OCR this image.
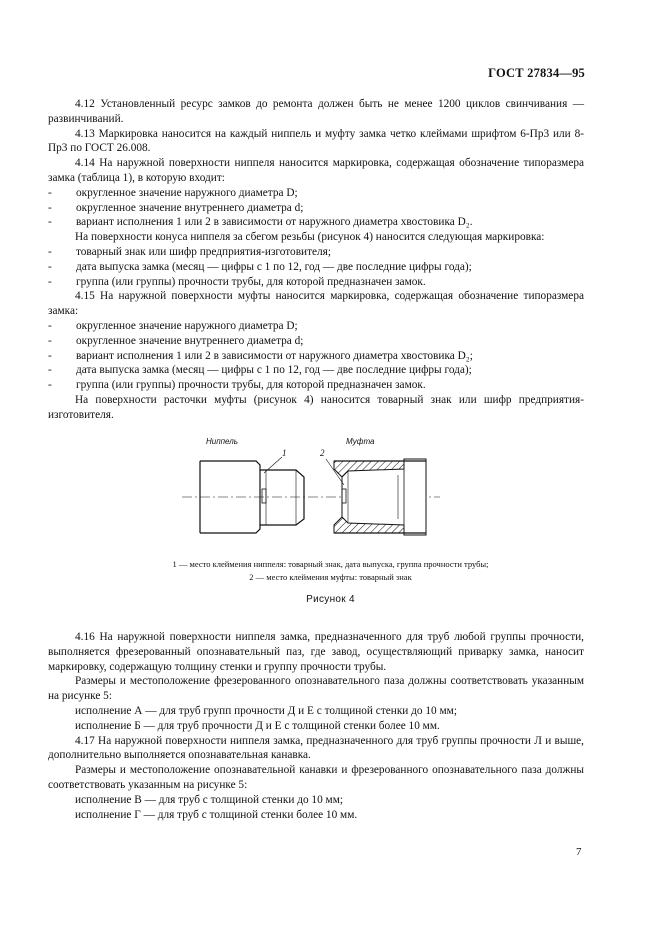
ГОСТ 27834—95

4.12 Установленный ресурс замков до ремонта должен быть не менее 1200 циклов свинчивания — развинчиваний.

4.13 Маркировка наносится на каждый ниппель и муфту замка четко клеймами шрифтом 6-Пр3 или 8-Пр3 по ГОСТ 26.008.

4.14 На наружной поверхности ниппеля наносится маркировка, содержащая обозначение типоразмера замка (таблица 1), в которую входит:

- округленное значение наружного диаметра D;

- округленное значение внутреннего диаметра d;

- вариант исполнения 1 или 2 в зависимости от наружного диаметра хвостовика D₂.

На поверхности конуса ниппеля за сбегом резьбы (рисунок 4) наносится следующая маркировка:

- товарный знак или шифр предприятия-изготовителя;

- дата выпуска замка (месяц — цифры с 1 по 12, год — две последние цифры года);

- группа (или группы) прочности трубы, для которой предназначен замок.

4.15 На наружной поверхности муфты наносится маркировка, содержащая обозначение типоразмера замка:

- округленное значение наружного диаметра D;

- округленное значение внутреннего диаметра d;

- вариант исполнения 1 или 2 в зависимости от наружного диаметра хвостовика D₂;

- дата выпуска замка (месяц — цифры с 1 по 12, год — две последние цифры года);

- группа (или группы) прочности трубы, для которой предназначен замок.

На поверхности расточки муфты (рисунок 4) наносится товарный знак или шифр предприятия-изготовителя.

Ниппель	Муфта
1	2
1 — место клеймения ниппеля: товарный знак, дата выпуска, группа прочности трубы;
2 — место клеймения муфты: товарный знак
Рисунок 4

4.16 На наружной поверхности ниппеля замка, предназначенного для труб любой группы прочности, выполняется фрезерованный опознавательный паз, где завод, осуществляющий приварку замка, наносит маркировку, содержащую толщину стенки и группу прочности трубы.

Размеры и местоположение фрезерованного опознавательного паза должны соответствовать указанным на рисунке 5:

исполнение А — для труб групп прочности Д и Е с толщиной стенки до 10 мм;

исполнение Б — для труб прочности Д и Е с толщиной стенки более 10 мм.

4.17 На наружной поверхности ниппеля замка, предназначенного для труб группы прочности Л и выше, дополнительно выполняется опознавательная канавка.

Размеры и местоположение опознавательной канавки и фрезерованного опознавательного паза должны соответствовать указанным на рисунке 5:

исполнение В — для труб с толщиной стенки до 10 мм;

исполнение Г — для труб с толщиной стенки более 10 мм.

7
